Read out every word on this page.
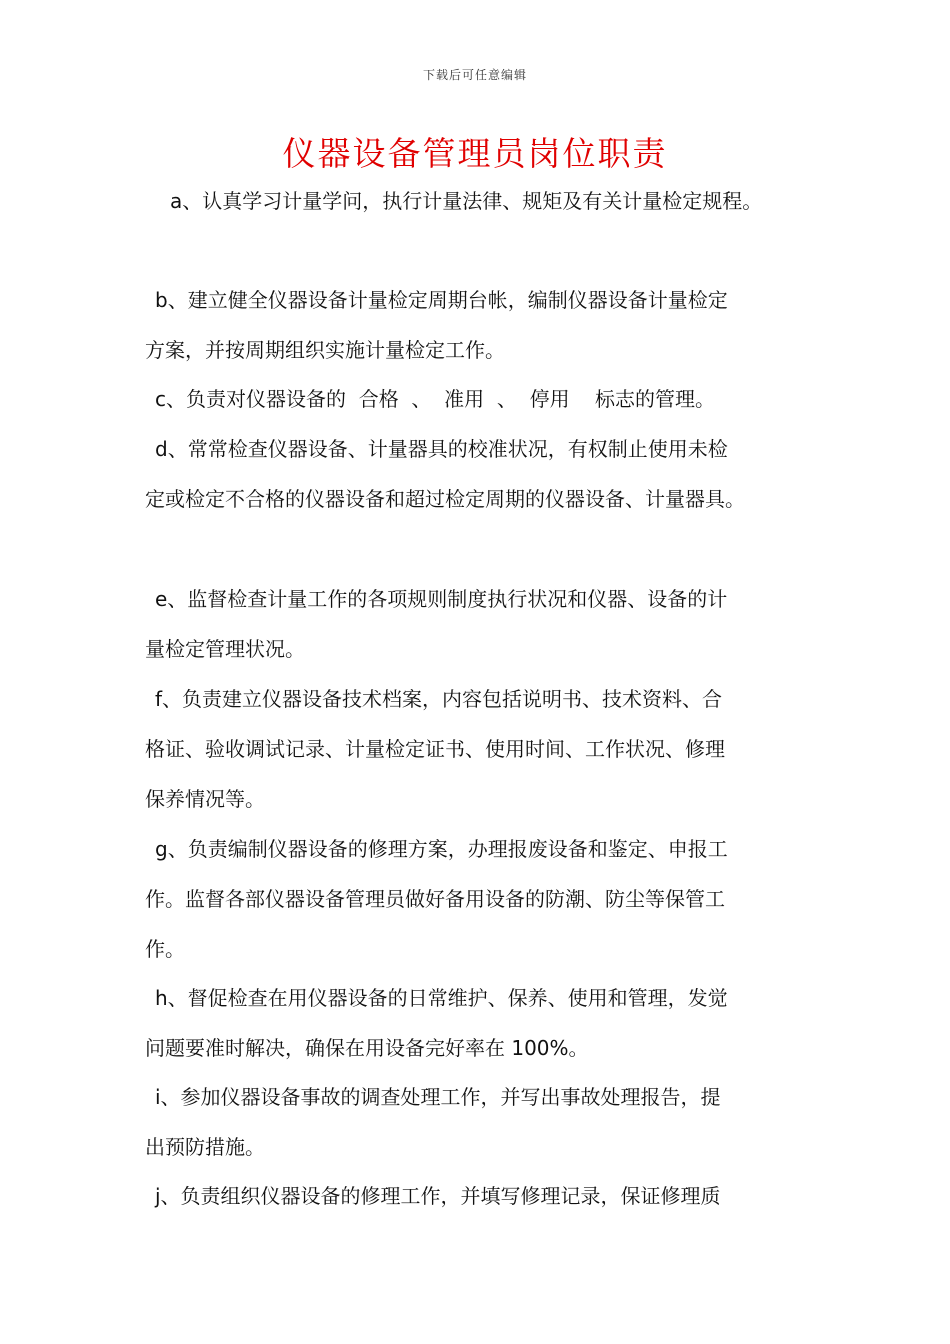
下载后可任意编辑
仪器设备管理员岗位职责

a、认真学习计量学问，执行计量法律、规矩及有关计量检定规程。

b、建立健全仪器设备计量检定周期台帐，编制仪器设备计量检定
方案，并按周期组织实施计量检定工作。

c、负责对仪器设备的  合格  、  准用  、  停用    标志的管理。

d、常常检查仪器设备、计量器具的校准状况，有权制止使用未检
定或检定不合格的仪器设备和超过检定周期的仪器设备、计量器具。

e、监督检查计量工作的各项规则制度执行状况和仪器、设备的计
量检定管理状况。

f、负责建立仪器设备技术档案，内容包括说明书、技术资料、合
格证、验收调试记录、计量检定证书、使用时间、工作状况、修理
保养情况等。

g、负责编制仪器设备的修理方案，办理报废设备和鉴定、申报工
作。监督各部仪器设备管理员做好备用设备的防潮、防尘等保管工
作。

h、督促检查在用仪器设备的日常维护、保养、使用和管理，发觉
问题要准时解决，确保在用设备完好率在 100%。

i、参加仪器设备事故的调查处理工作，并写出事故处理报告，提
出预防措施。

j、负责组织仪器设备的修理工作，并填写修理记录，保证修理质
